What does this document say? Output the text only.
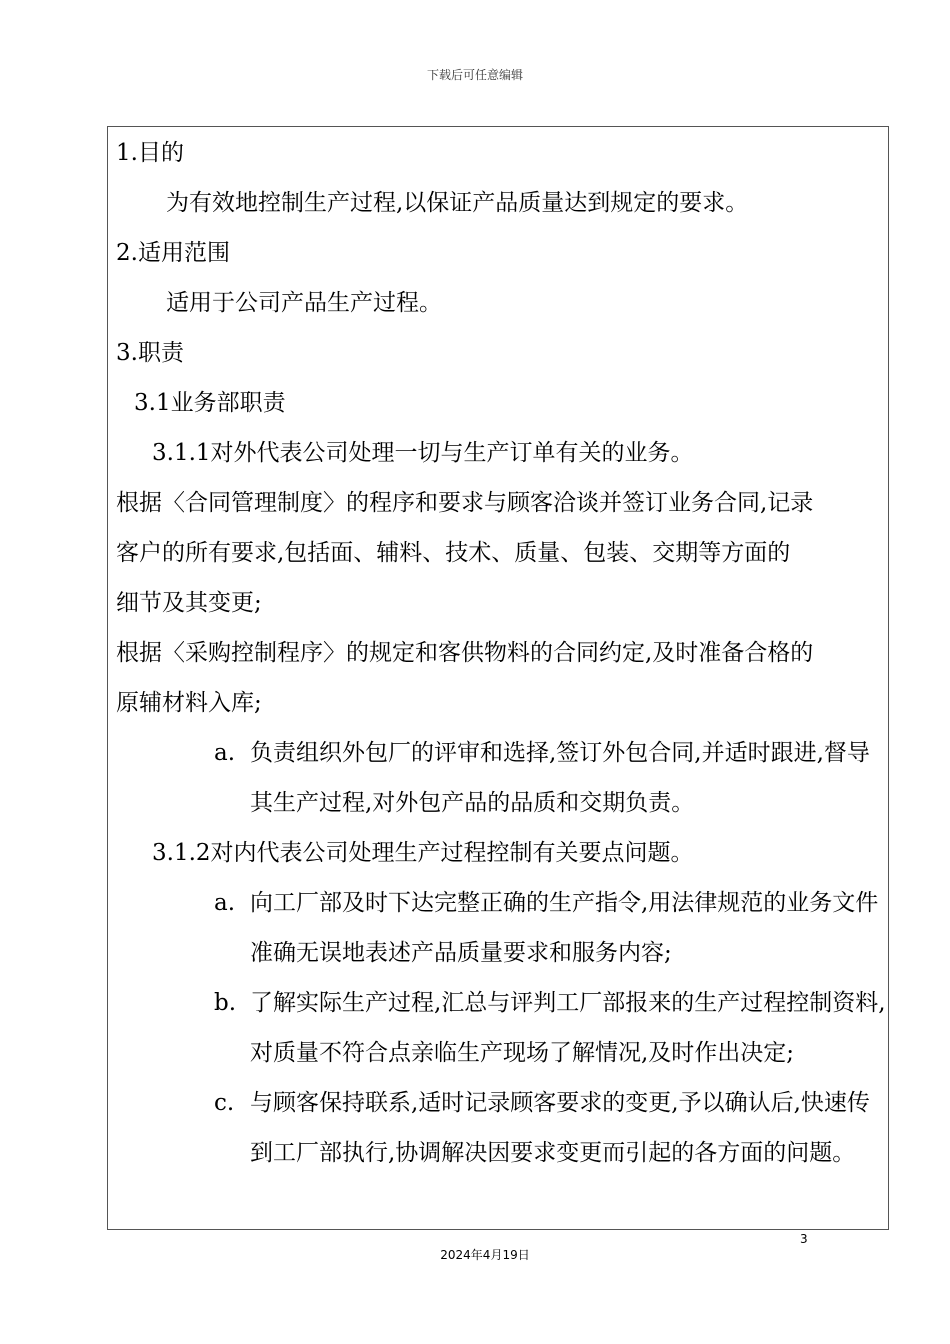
下载后可任意编辑
1.目的
为有效地控制生产过程,以保证产品质量达到规定的要求。
2.适用范围
适用于公司产品生产过程。
3.职责
3.1业务部职责
3.1.1对外代表公司处理一切与生产订单有关的业务。
根据〈合同管理制度〉的程序和要求与顾客洽谈并签订业务合同,记录
客户的所有要求,包括面、辅料、技术、质量、包装、交期等方面的
细节及其变更;
根据〈采购控制程序〉的规定和客供物料的合同约定,及时准备合格的
原辅材料入库;
a. 负责组织外包厂的评审和选择,签订外包合同,并适时跟进,督导其生产过程,对外包产品的品质和交期负责。
3.1.2对内代表公司处理生产过程控制有关要点问题。
a. 向工厂部及时下达完整正确的生产指令,用法律规范的业务文件准确无误地表述产品质量要求和服务内容;
b. 了解实际生产过程,汇总与评判工厂部报来的生产过程控制资料,对质量不符合点亲临生产现场了解情况,及时作出决定;
c. 与顾客保持联系,适时记录顾客要求的变更,予以确认后,快速传到工厂部执行,协调解决因要求变更而引起的各方面的问题。
3
2024年4月19日
